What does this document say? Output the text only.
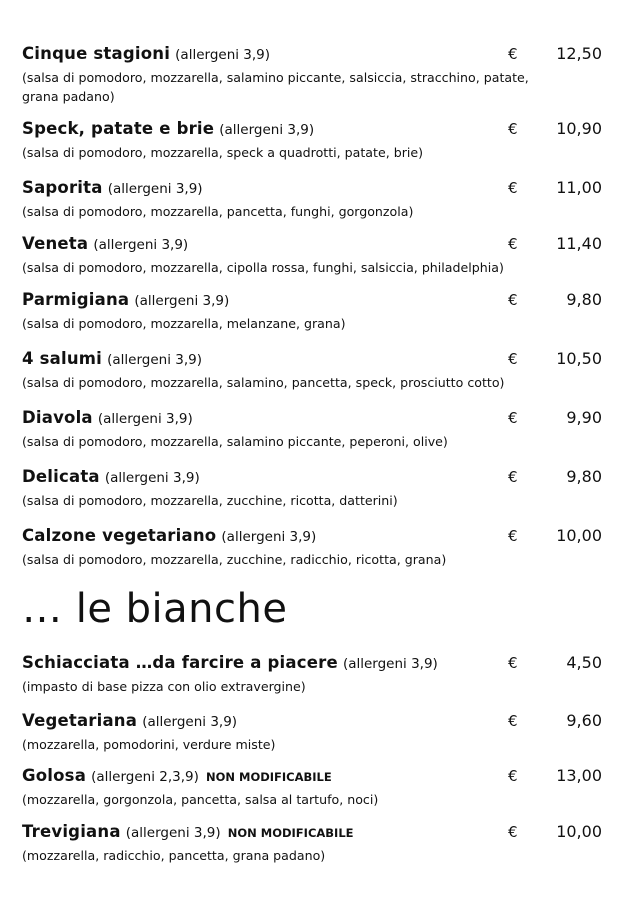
Cinque stagioni (allergeni 3,9)	€ 12,50
(salsa di pomodoro, mozzarella, salamino piccante, salsiccia, stracchino, patate, grana padano)
Speck, patate e brie (allergeni 3,9)	€ 10,90
(salsa di pomodoro, mozzarella, speck a quadrotti, patate, brie)
Saporita (allergeni 3,9)	€ 11,00
(salsa di pomodoro, mozzarella, pancetta, funghi, gorgonzola)
Veneta (allergeni 3,9)	€ 11,40
(salsa di pomodoro, mozzarella, cipolla rossa, funghi, salsiccia, philadelphia)
Parmigiana (allergeni 3,9)	€	9,80
(salsa di pomodoro, mozzarella, melanzane, grana)
4 salumi (allergeni 3,9)	€ 10,50
(salsa di pomodoro, mozzarella, salamino, pancetta, speck, prosciutto cotto)
Diavola (allergeni 3,9)	€	9,90
(salsa di pomodoro, mozzarella, salamino piccante, peperoni, olive)
Delicata (allergeni 3,9)	€	9,80
(salsa di pomodoro, mozzarella, zucchine, ricotta, datterini)
Calzone vegetariano (allergeni 3,9)	€ 10,00
(salsa di pomodoro, mozzarella, zucchine, radicchio, ricotta, grana)
… le bianche
Schiacciata …da farcire a piacere (allergeni 3,9)	€	4,50
(impasto di base pizza con olio extravergine)
Vegetariana (allergeni 3,9)	€	9,60
(mozzarella, pomodorini, verdure miste)
Golosa (allergeni 2,3,9) NON MODIFICABILE	€ 13,00
(mozzarella, gorgonzola, pancetta, salsa al tartufo, noci)
Trevigiana (allergeni 3,9) NON MODIFICABILE	€ 10,00
(mozzarella, radicchio, pancetta, grana padano)
